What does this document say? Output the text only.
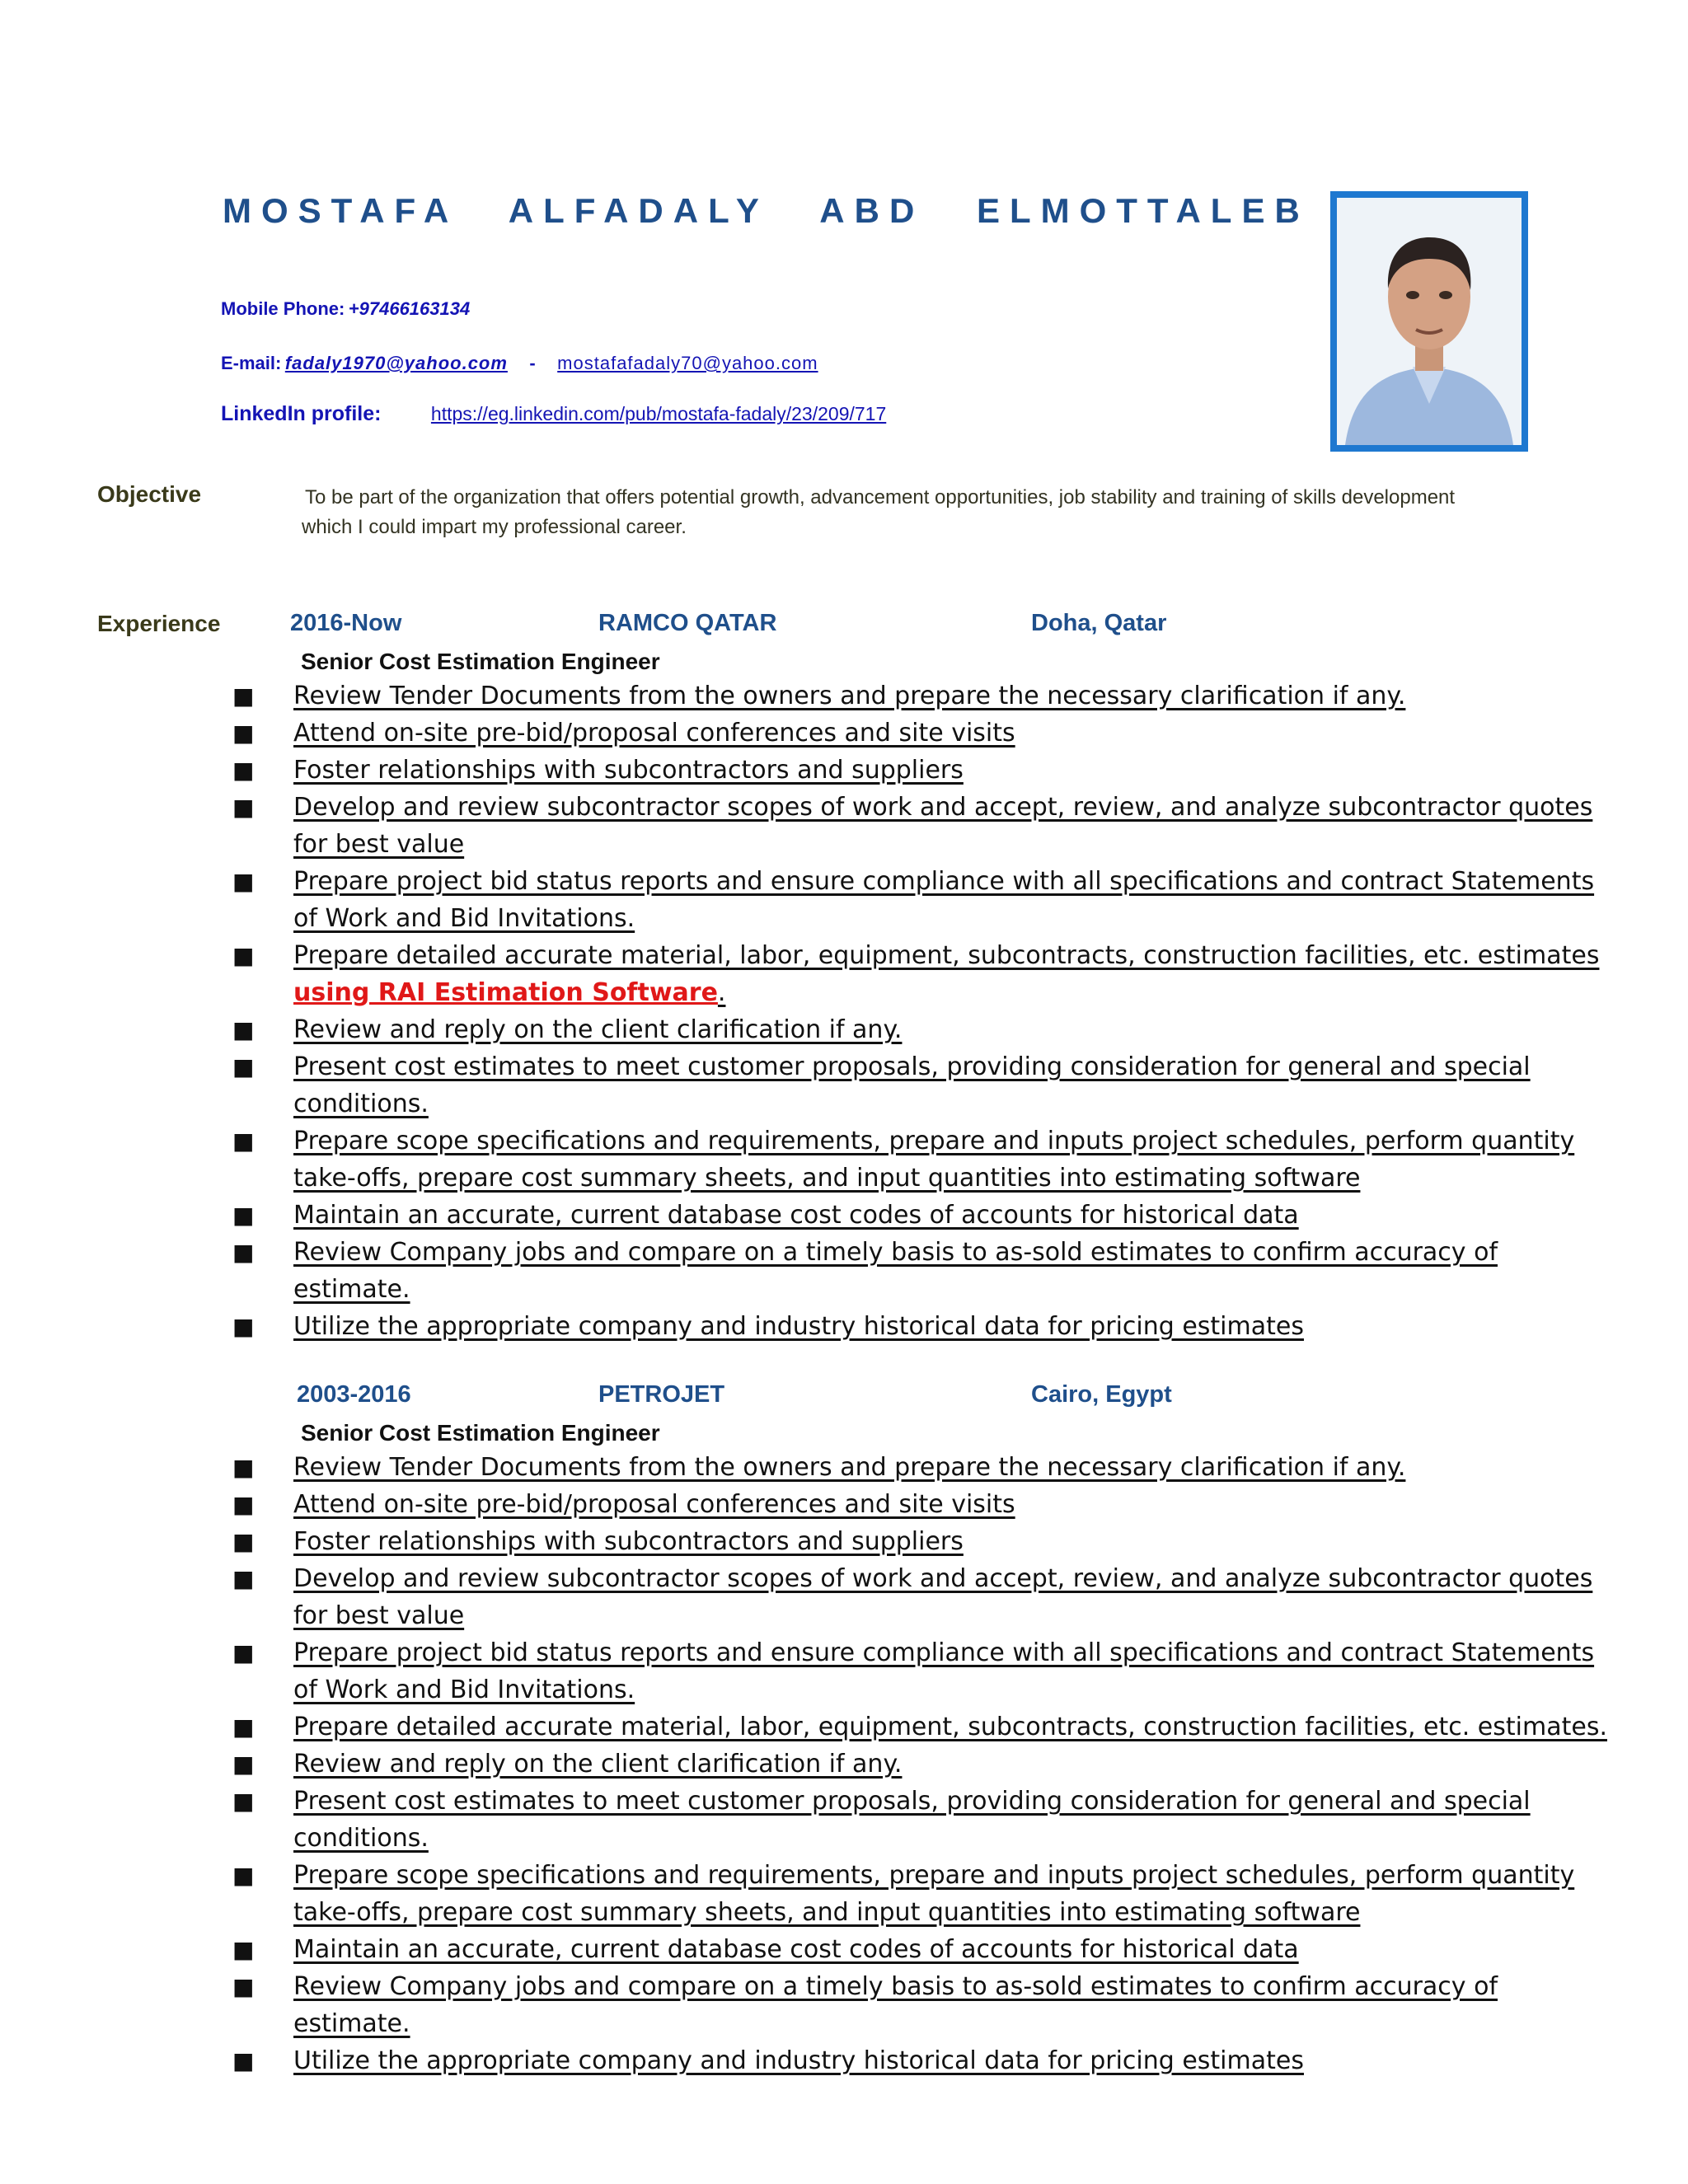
MOSTAFA ALFADALY ABD ELMOTTALEB
Mobile Phone: +97466163134
E-mail: fadaly1970@yahoo.com - mostafafadaly70@yahoo.com
LinkedIn profile:	https://eg.linkedin.com/pub/mostafa-fadaly/23/209/717
Objective	To be part of the organization that offers potential growth, advancement opportunities, job stability and training of skills development
which I could impart my professional career.
Experience	2016-Now	RAMCO QATAR	Doha, Qatar
Senior Cost Estimation Engineer
■ Review Tender Documents from the owners and prepare the necessary clarification if any.
■ Attend on-site pre-bid/proposal conferences and site visits
■ Foster relationships with subcontractors and suppliers
■ Develop and review subcontractor scopes of work and accept, review, and analyze subcontractor quotes for best value
■ Prepare project bid status reports and ensure compliance with all specifications and contract Statements of Work and Bid Invitations.
■ Prepare detailed accurate material, labor, equipment, subcontracts, construction facilities, etc. estimates using RAI Estimation Software.
■ Review and reply on the client clarification if any.
■ Present cost estimates to meet customer proposals, providing consideration for general and special conditions.
■ Prepare scope specifications and requirements, prepare and inputs project schedules, perform quantity take-offs, prepare cost summary sheets, and input quantities into estimating software
■ Maintain an accurate, current database cost codes of accounts for historical data
■ Review Company jobs and compare on a timely basis to as-sold estimates to confirm accuracy of estimate.
■ Utilize the appropriate company and industry historical data for pricing estimates
2003-2016	PETROJET	Cairo, Egypt
Senior Cost Estimation Engineer
■ Review Tender Documents from the owners and prepare the necessary clarification if any.
■ Attend on-site pre-bid/proposal conferences and site visits
■ Foster relationships with subcontractors and suppliers
■ Develop and review subcontractor scopes of work and accept, review, and analyze subcontractor quotes for best value
■ Prepare project bid status reports and ensure compliance with all specifications and contract Statements of Work and Bid Invitations.
■ Prepare detailed accurate material, labor, equipment, subcontracts, construction facilities, etc. estimates.
■ Review and reply on the client clarification if any.
■ Present cost estimates to meet customer proposals, providing consideration for general and special conditions.
■ Prepare scope specifications and requirements, prepare and inputs project schedules, perform quantity take-offs, prepare cost summary sheets, and input quantities into estimating software
■ Maintain an accurate, current database cost codes of accounts for historical data
■ Review Company jobs and compare on a timely basis to as-sold estimates to confirm accuracy of estimate.
■ Utilize the appropriate company and industry historical data for pricing estimates
